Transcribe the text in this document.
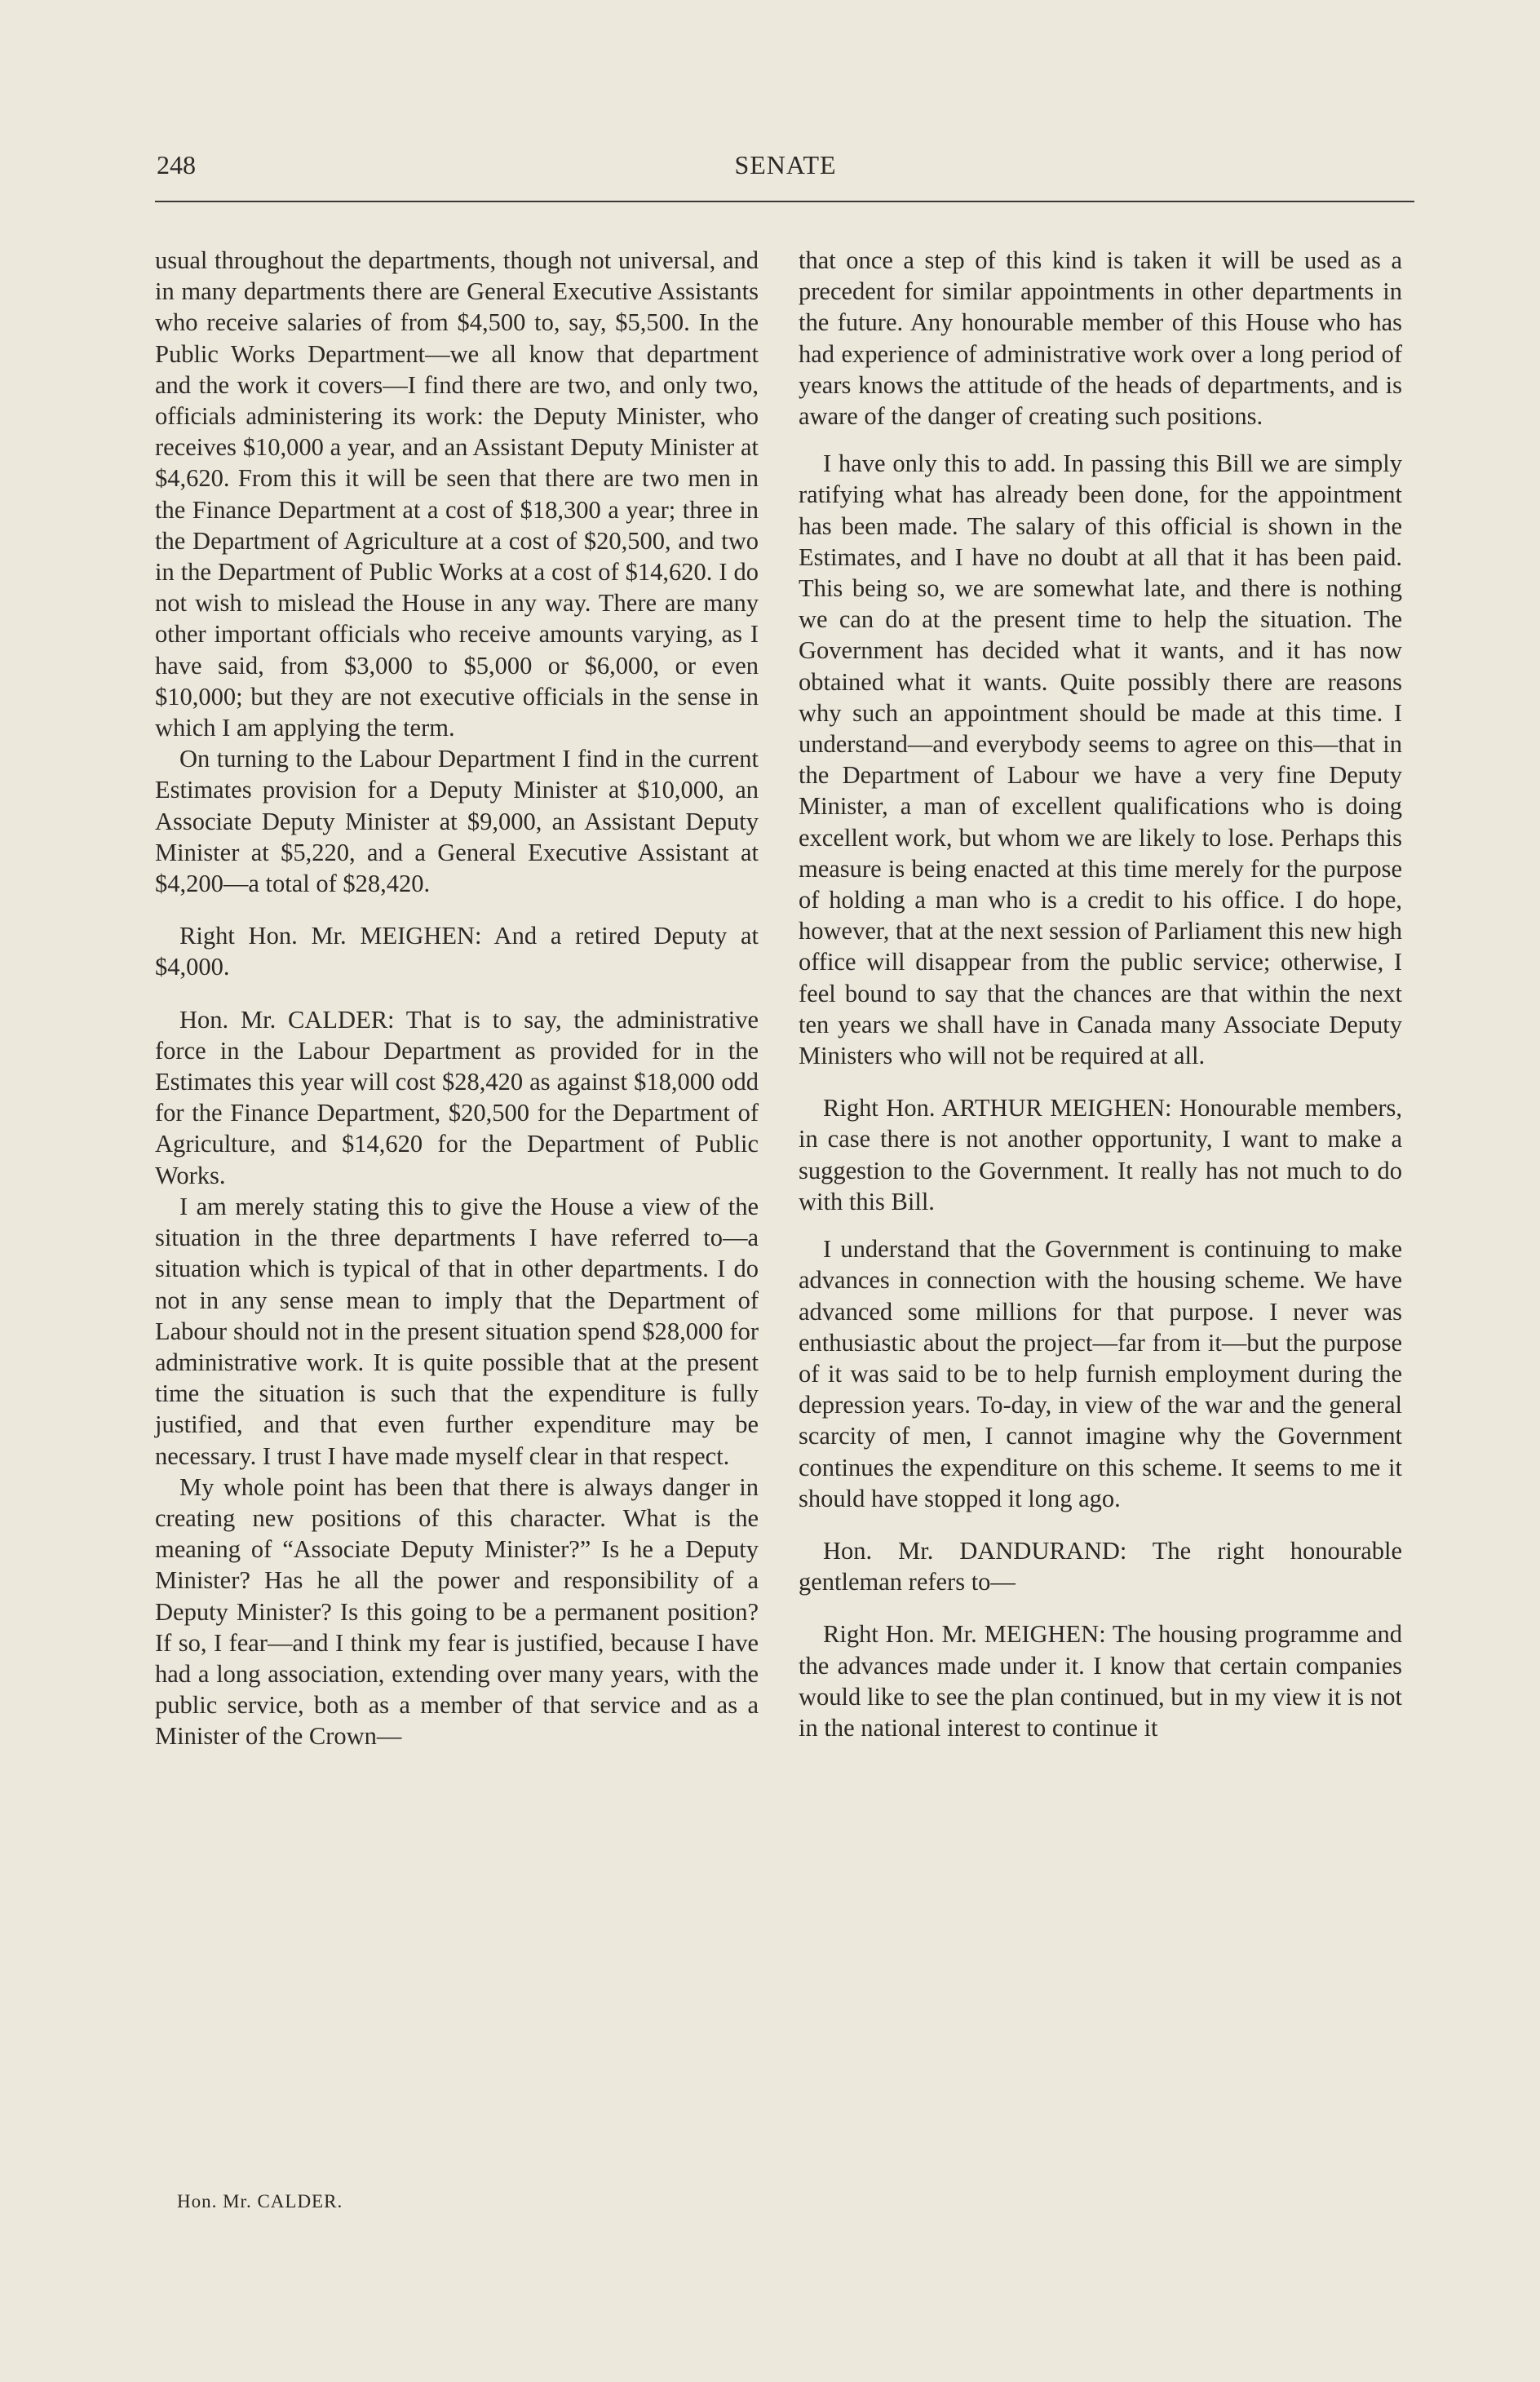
248	SENATE

usual throughout the departments, though not universal, and in many departments there are General Executive Assistants who receive salaries of from $4,500 to, say, $5,500. In the Public Works Department—we all know that department and the work it covers—I find there are two, and only two, officials administering its work: the Deputy Minister, who receives $10,000 a year, and an Assistant Deputy Minister at $4,620. From this it will be seen that there are two men in the Finance Department at a cost of $18,300 a year; three in the Department of Agriculture at a cost of $20,500, and two in the Department of Public Works at a cost of $14,620. I do not wish to mislead the House in any way. There are many other important officials who receive amounts varying, as I have said, from $3,000 to $5,000 or $6,000, or even $10,000; but they are not executive officials in the sense in which I am applying the term.

On turning to the Labour Department I find in the current Estimates provision for a Deputy Minister at $10,000, an Associate Deputy Minister at $9,000, an Assistant Deputy Minister at $5,220, and a General Executive Assistant at $4,200—a total of $28,420.

Right Hon. Mr. MEIGHEN: And a retired Deputy at $4,000.

Hon. Mr. CALDER: That is to say, the administrative force in the Labour Department as provided for in the Estimates this year will cost $28,420 as against $18,000 odd for the Finance Department, $20,500 for the Department of Agriculture, and $14,620 for the Department of Public Works.

I am merely stating this to give the House a view of the situation in the three departments I have referred to—a situation which is typical of that in other departments. I do not in any sense mean to imply that the Department of Labour should not in the present situation spend $28,000 for administrative work. It is quite possible that at the present time the situation is such that the expenditure is fully justified, and that even further expenditure may be necessary. I trust I have made myself clear in that respect.

My whole point has been that there is always danger in creating new positions of this character. What is the meaning of “Associate Deputy Minister?” Is he a Deputy Minister? Has he all the power and responsibility of a Deputy Minister? Is this going to be a permanent position? If so, I fear—and I think my fear is justified, because I have had a long association, extending over many years, with the public service, both as a member of that service and as a Minister of the Crown—

that once a step of this kind is taken it will be used as a precedent for similar appointments in other departments in the future. Any honourable member of this House who has had experience of administrative work over a long period of years knows the attitude of the heads of departments, and is aware of the danger of creating such positions.

I have only this to add. In passing this Bill we are simply ratifying what has already been done, for the appointment has been made. The salary of this official is shown in the Estimates, and I have no doubt at all that it has been paid. This being so, we are somewhat late, and there is nothing we can do at the present time to help the situation. The Government has decided what it wants, and it has now obtained what it wants. Quite possibly there are reasons why such an appointment should be made at this time. I understand—and everybody seems to agree on this—that in the Department of Labour we have a very fine Deputy Minister, a man of excellent qualifications who is doing excellent work, but whom we are likely to lose. Perhaps this measure is being enacted at this time merely for the purpose of holding a man who is a credit to his office. I do hope, however, that at the next session of Parliament this new high office will disappear from the public service; otherwise, I feel bound to say that the chances are that within the next ten years we shall have in Canada many Associate Deputy Ministers who will not be required at all.

Right Hon. ARTHUR MEIGHEN: Honourable members, in case there is not another opportunity, I want to make a suggestion to the Government. It really has not much to do with this Bill.

I understand that the Government is continuing to make advances in connection with the housing scheme. We have advanced some millions for that purpose. I never was enthusiastic about the project—far from it—but the purpose of it was said to be to help furnish employment during the depression years. To-day, in view of the war and the general scarcity of men, I cannot imagine why the Government continues the expenditure on this scheme. It seems to me it should have stopped it long ago.

Hon. Mr. DANDURAND: The right honourable gentleman refers to—

Right Hon. Mr. MEIGHEN: The housing programme and the advances made under it. I know that certain companies would like to see the plan continued, but in my view it is not in the national interest to continue it

Hon. Mr. CALDER.
